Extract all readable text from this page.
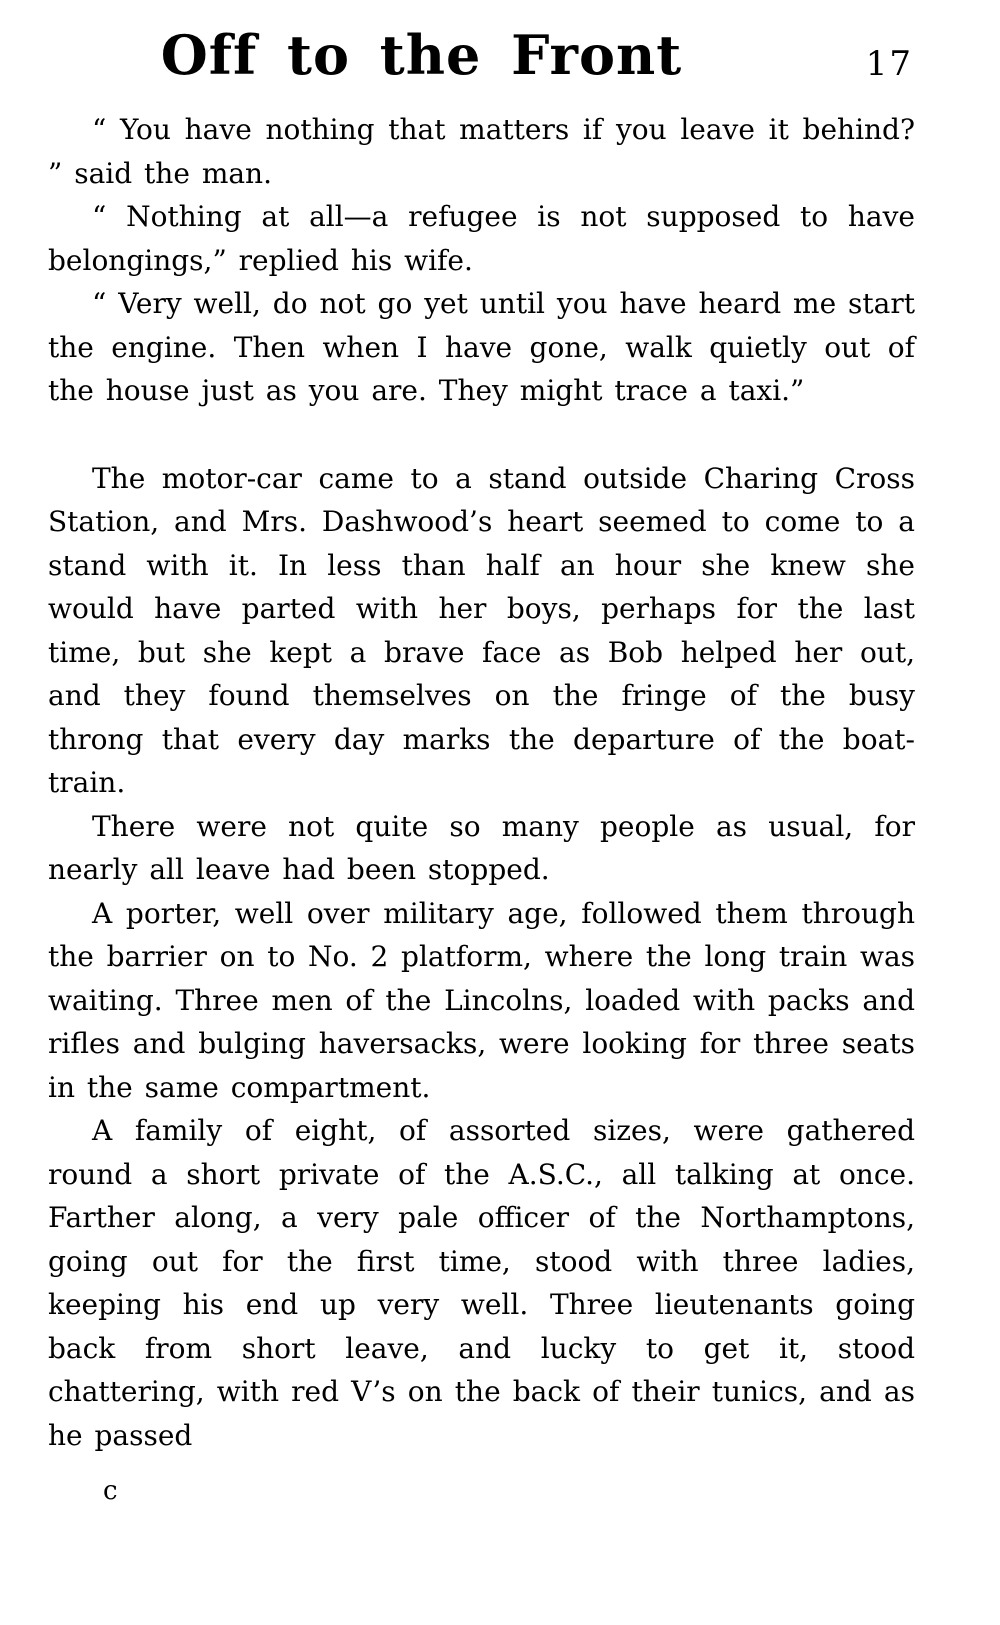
Off to the Front	17

“ You have nothing that matters if you leave it behind? ” said the man.

“ Nothing at all—a refugee is not supposed to have belongings,” replied his wife.

“ Very well, do not go yet until you have heard me start the engine. Then when I have gone, walk quietly out of the house just as you are. They might trace a taxi.”

The motor-car came to a stand outside Charing Cross Station, and Mrs. Dashwood’s heart seemed to come to a stand with it. In less than half an hour she knew she would have parted with her boys, perhaps for the last time, but she kept a brave face as Bob helped her out, and they found themselves on the fringe of the busy throng that every day marks the departure of the boat-train.

There were not quite so many people as usual, for nearly all leave had been stopped.

A porter, well over military age, followed them through the barrier on to No. 2 platform, where the long train was waiting. Three men of the Lincolns, loaded with packs and rifles and bulging haversacks, were looking for three seats in the same compartment.

A family of eight, of assorted sizes, were gathered round a short private of the A.S.C., all talking at once. Farther along, a very pale officer of the Northamptons, going out for the first time, stood with three ladies, keeping his end up very well. Three lieutenants going back from short leave, and lucky to get it, stood chattering, with red V’s on the back of their tunics, and as he passed

c
